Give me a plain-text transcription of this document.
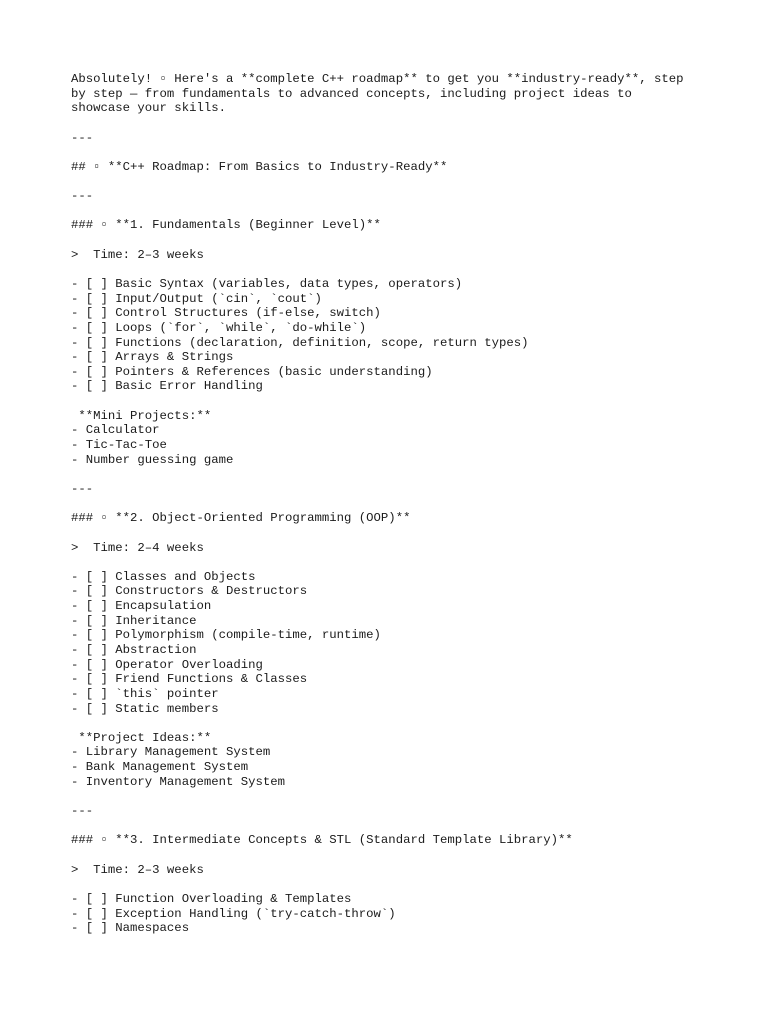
Absolutely! ▫ Here's a **complete C++ roadmap** to get you **industry-ready**, step
by step — from fundamentals to advanced concepts, including project ideas to
showcase your skills.
---
## ▫ **C++ Roadmap: From Basics to Industry-Ready**
---
### ▫ **1. Fundamentals (Beginner Level)**
>  Time: 2–3 weeks
- [ ] Basic Syntax (variables, data types, operators)
- [ ] Input/Output (`cin`, `cout`)
- [ ] Control Structures (if-else, switch)
- [ ] Loops (`for`, `while`, `do-while`)
- [ ] Functions (declaration, definition, scope, return types)
- [ ] Arrays & Strings
- [ ] Pointers & References (basic understanding)
- [ ] Basic Error Handling
**Mini Projects:**
- Calculator
- Tic-Tac-Toe
- Number guessing game
---
### ▫ **2. Object-Oriented Programming (OOP)**
>  Time: 2–4 weeks
- [ ] Classes and Objects
- [ ] Constructors & Destructors
- [ ] Encapsulation
- [ ] Inheritance
- [ ] Polymorphism (compile-time, runtime)
- [ ] Abstraction
- [ ] Operator Overloading
- [ ] Friend Functions & Classes
- [ ] `this` pointer
- [ ] Static members
**Project Ideas:**
- Library Management System
- Bank Management System
- Inventory Management System
---
### ▫ **3. Intermediate Concepts & STL (Standard Template Library)**
>  Time: 2–3 weeks
- [ ] Function Overloading & Templates
- [ ] Exception Handling (`try-catch-throw`)
- [ ] Namespaces
